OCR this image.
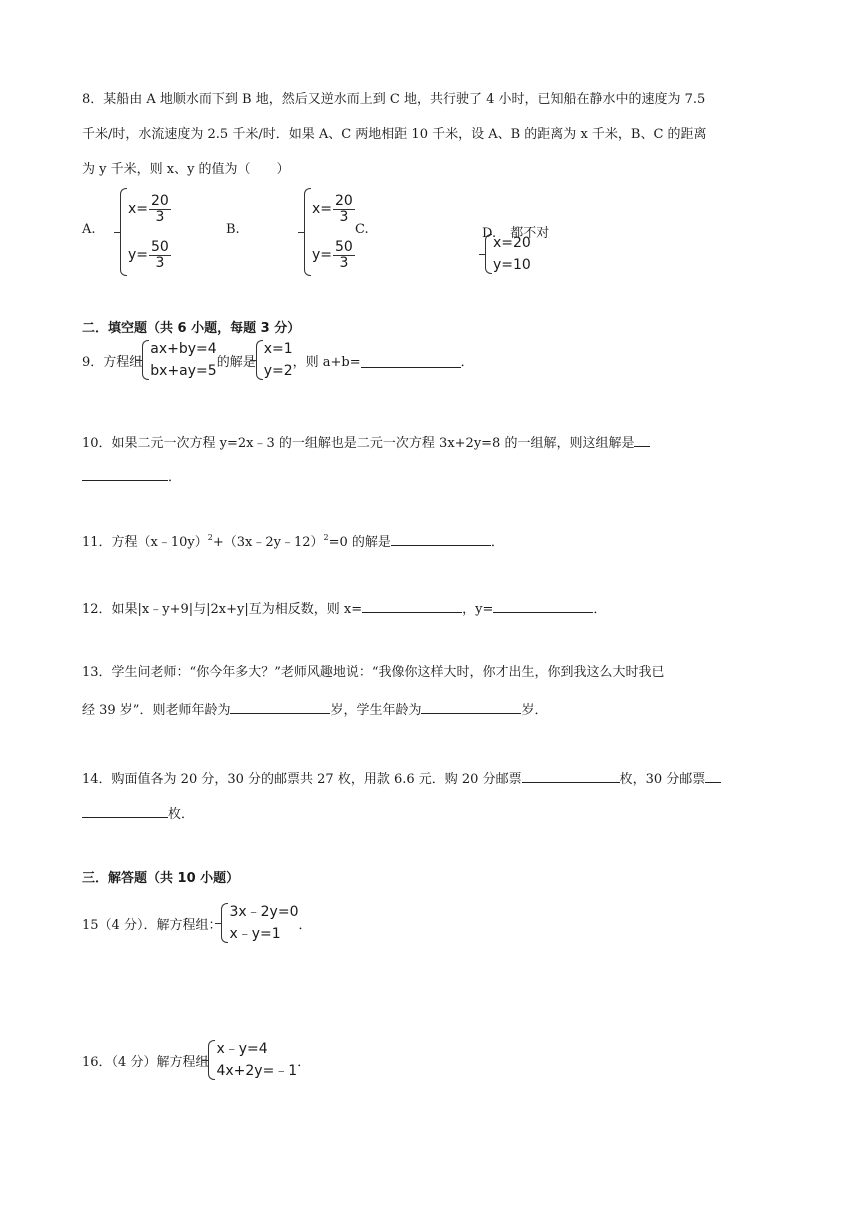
8．某船由 A 地顺水而下到 B 地，然后又逆水而上到 C 地，共行驶了 4 小时，已知船在静水中的速度为 7.5
千米/时，水流速度为 2.5 千米/时．如果 A、C 两地相距 10 千米，设 A、B 的距离为 x 千米，B、C 的距离
为 y 千米，则 x、y 的值为（　　）
A.
$x= \frac{20}{3}$
$y= \frac{50}{3}$

B.
$x= \frac{20}{3}$
$y= \frac{50}{3}$

C.
x=20
y=10
D. 都不对
二．填空题（共 6 小题，每题 3 分）
9．方程组
ax+by=4
bx+ay=5
的解是
x=1
y=2
，则 a+b=	．
10．如果二元一次方程 y=2x﹣3 的一组解也是二元一次方程 3x+2y=8 的一组解，则这组解是
．
11．方程（x﹣10y）$^2$+（3x﹣2y﹣12）$^2$=0 的解是	．
12．如果|x﹣y+9|与|2x+y|互为相反数，则 x=	，y=	．
13．学生问老师：“你今年多大？”老师风趣地说：“我像你这样大时，你才出生，你到我这么大时我已
经 39 岁”．则老师年龄为	岁，学生年龄为	岁．
14．购面值各为 20 分，30 分的邮票共 27 枚，用款 6.6 元．购 20 分邮票	枚，30 分邮票
枚．
三．解答题（共 10 小题）
15（4 分）．解方程组：
3x﹣2y=0
x﹣y=1
．
16．（4 分）解方程组
x﹣y=4
4x+2y=﹣1
．
